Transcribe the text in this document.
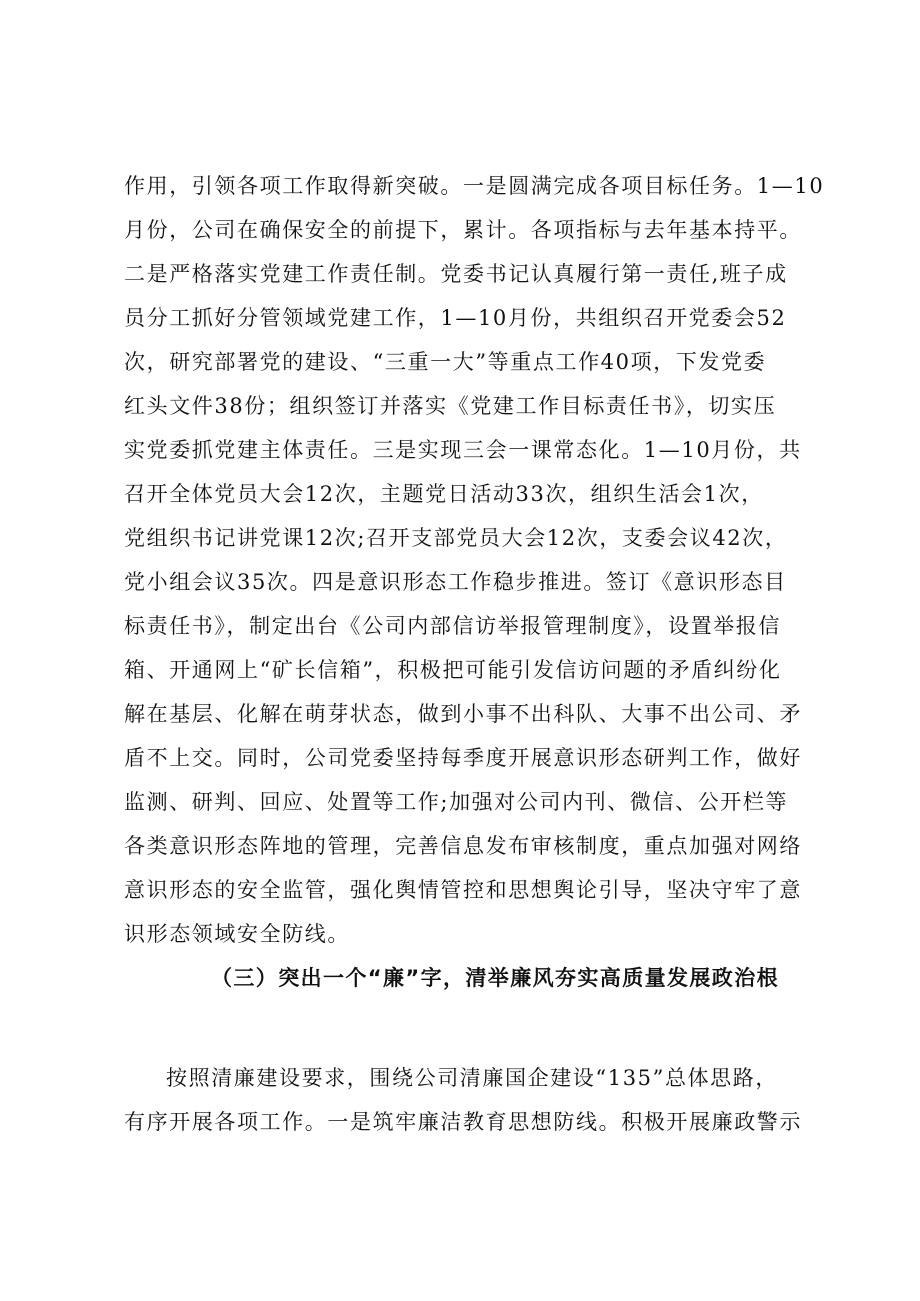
作用，引领各项工作取得新突破。一是圆满完成各项目标任务。1—10
月份，公司在确保安全的前提下，累计。各项指标与去年基本持平。
二是严格落实党建工作责任制。党委书记认真履行第一责任,班子成
员分工抓好分管领域党建工作，1—10月份，共组织召开党委会52
次，研究部署党的建设、“三重一大”等重点工作40项，下发党委
红头文件38份；组织签订并落实《党建工作目标责任书》，切实压
实党委抓党建主体责任。三是实现三会一课常态化。1—10月份，共
召开全体党员大会12次，主题党日活动33次，组织生活会1次，
党组织书记讲党课12次;召开支部党员大会12次，支委会议42次，
党小组会议35次。四是意识形态工作稳步推进。签订《意识形态目
标责任书》，制定出台《公司内部信访举报管理制度》，设置举报信
箱、开通网上“矿长信箱”，积极把可能引发信访问题的矛盾纠纷化
解在基层、化解在萌芽状态，做到小事不出科队、大事不出公司、矛
盾不上交。同时，公司党委坚持每季度开展意识形态研判工作，做好
监测、研判、回应、处置等工作;加强对公司内刊、微信、公开栏等
各类意识形态阵地的管理，完善信息发布审核制度，重点加强对网络
意识形态的安全监管，强化舆情管控和思想舆论引导，坚决守牢了意
识形态领域安全防线。
（三）突出一个“廉”字，清举廉风夯实高质量发展政治根
按照清廉建设要求，围绕公司清廉国企建设“135”总体思路，
有序开展各项工作。一是筑牢廉洁教育思想防线。积极开展廉政警示
